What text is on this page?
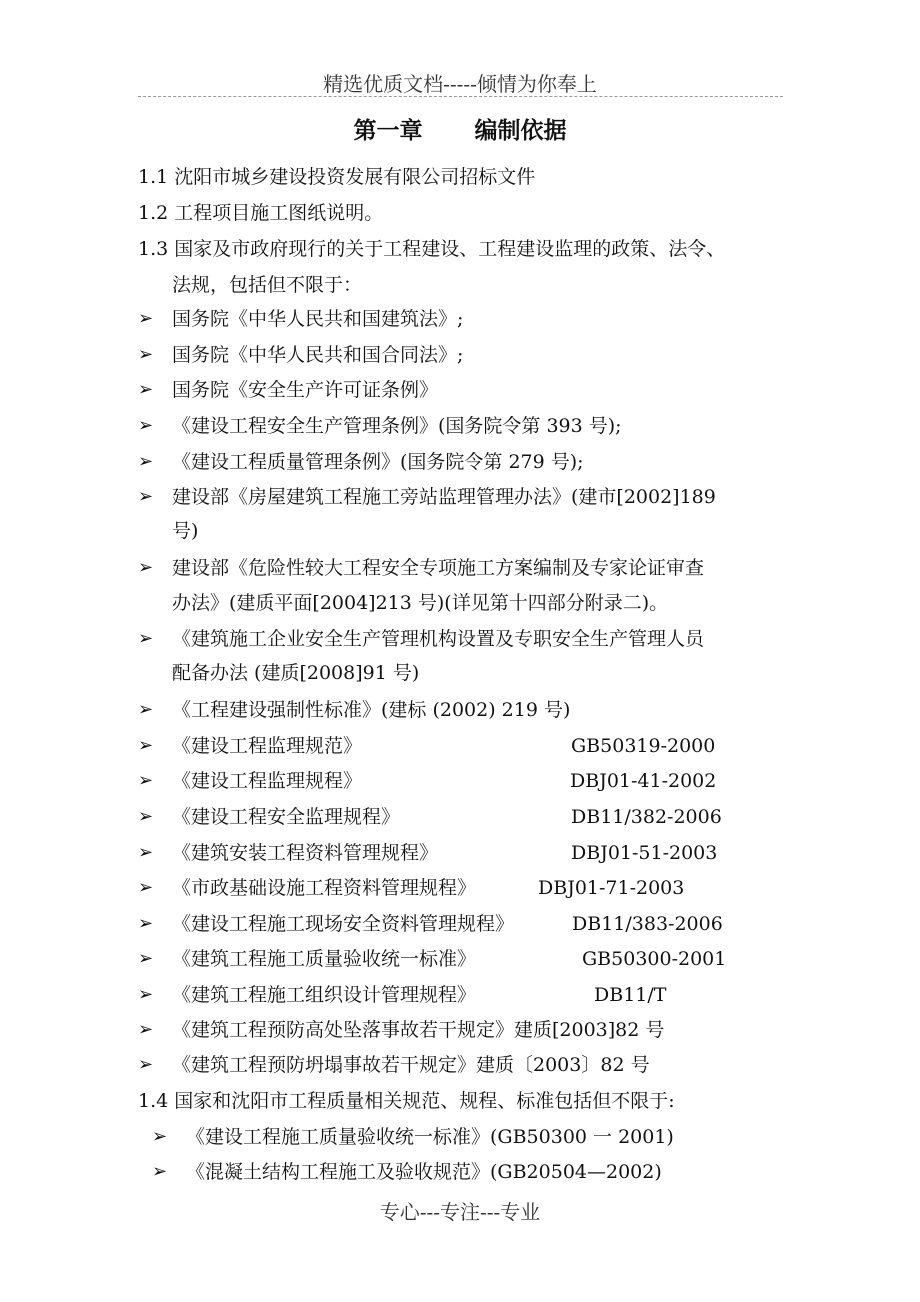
精选优质文档-----倾情为你奉上
第一章 编制依据
1.1 沈阳市城乡建设投资发展有限公司招标文件
1.2 工程项目施工图纸说明。
1.3 国家及市政府现行的关于工程建设、工程建设监理的政策、法令、
法规，包括但不限于：
➢ 国务院《中华人民共和国建筑法》;
➢ 国务院《中华人民共和国合同法》;
➢ 国务院《安全生产许可证条例》
➢ 《建设工程安全生产管理条例》(国务院令第 393 号);
➢ 《建设工程质量管理条例》(国务院令第 279 号);
➢ 建设部《房屋建筑工程施工旁站监理管理办法》(建市[2002]189
号)
➢ 建设部《危险性较大工程安全专项施工方案编制及专家论证审查
办法》(建质平面[2004]213 号)(详见第十四部分附录二)。
➢ 《建筑施工企业安全生产管理机构设置及专职安全生产管理人员
配备办法 (建质[2008]91 号)
➢ 《工程建设强制性标准》(建标 (2002) 219 号)
➢ 《建设工程监理规范》	GB50319-2000
➢ 《建设工程监理规程》	DBJ01-41-2002
➢ 《建设工程安全监理规程》	DB11/382-2006
➢ 《建筑安装工程资料管理规程》	DBJ01-51-2003
➢ 《市政基础设施工程资料管理规程》	DBJ01-71-2003
➢ 《建设工程施工现场安全资料管理规程》	DB11/383-2006
➢ 《建筑工程施工质量验收统一标准》	GB50300-2001
➢ 《建筑工程施工组织设计管理规程》	DB11/T
➢ 《建筑工程预防高处坠落事故若干规定》建质[2003]82 号
➢ 《建筑工程预防坍塌事故若干规定》建质〔2003〕82 号
1.4 国家和沈阳市工程质量相关规范、规程、标准包括但不限于:
➢ 《建设工程施工质量验收统一标准》(GB50300 一 2001)
➢ 《混凝土结构工程施工及验收规范》(GB20504—2002)
专心---专注---专业
